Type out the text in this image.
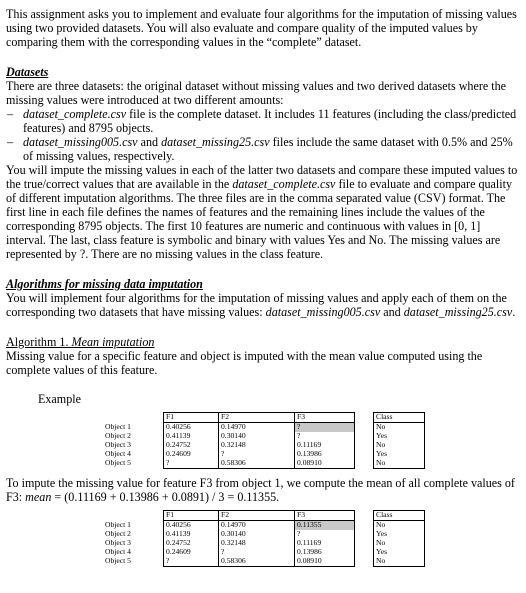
This assignment asks you to implement and evaluate four algorithms for the imputation of missing values using two provided datasets. You will also evaluate and compare quality of the imputed values by comparing them with the corresponding values in the “complete” dataset.

Datasets

There are three datasets: the original dataset without missing values and two derived datasets where the missing values were introduced at two different amounts:

– dataset_complete.csv file is the complete dataset. It includes 11 features (including the class/predicted features) and 8795 objects.
– dataset_missing005.csv and dataset_missing25.csv files include the same dataset with 0.5% and 25% of missing values, respectively.

You will impute the missing values in each of the latter two datasets and compare these imputed values to the true/correct values that are available in the dataset_complete.csv file to evaluate and compare quality of different imputation algorithms. The three files are in the comma separated value (CSV) format. The first line in each file defines the names of features and the remaining lines include the values of the corresponding 8795 objects. The first 10 features are numeric and continuous with values in [0, 1] interval. The last, class feature is symbolic and binary with values Yes and No. The missing values are represented by ?. There are no missing values in the class feature.

Algorithms for missing data imputation

You will implement four algorithms for the imputation of missing values and apply each of them on the corresponding two datasets that have missing values: dataset_missing005.csv and dataset_missing25.csv.

Algorithm 1. Mean imputation

Missing value for a specific feature and object is imputed with the mean value computed using the complete values of this feature.

Example

	F1	F2	F3		Class
Object 1	0.40256	0.14970	?		No
Object 2	0.41139	0.30140	?		Yes
Object 3	0.24752	0.32148	0.11169		No
Object 4	0.24609	?	0.13986		Yes
Object 5	?	0.58306	0.08910		No

To impute the missing value for feature F3 from object 1, we compute the mean of all complete values of F3: mean = (0.11169 + 0.13986 + 0.0891) / 3 = 0.11355.

	F1	F2	F3		Class
Object 1	0.40256	0.14970	0.11355		No
Object 2	0.41139	0.30140	?		Yes
Object 3	0.24752	0.32148	0.11169		No
Object 4	0.24609	?	0.13986		Yes
Object 5	?	0.58306	0.08910		No
